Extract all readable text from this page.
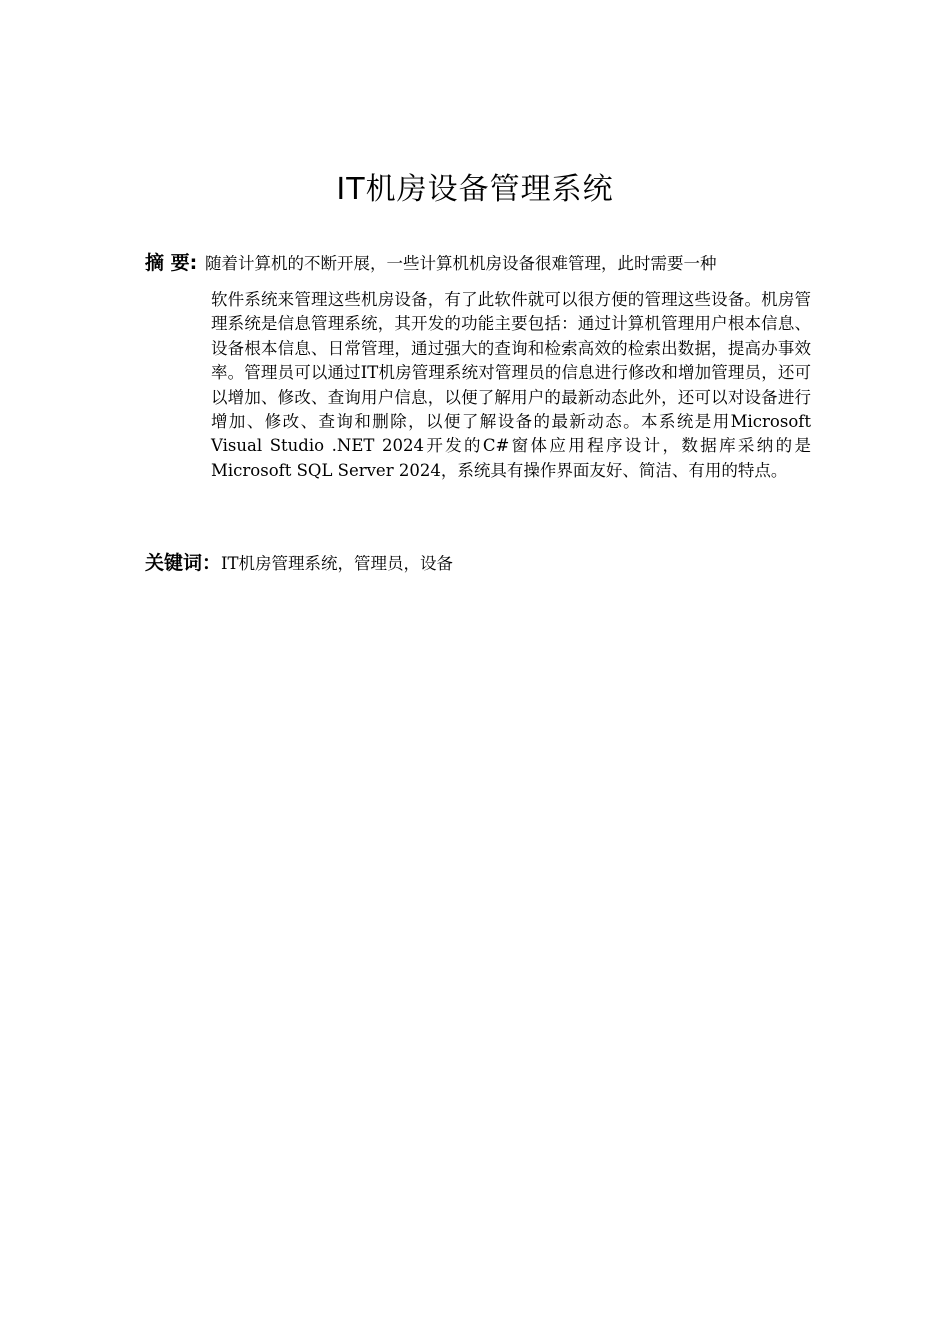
IT机房设备管理系统
摘 要: 随着计算机的不断开展，一些计算机机房设备很难管理，此时需要一种
软件系统来管理这些机房设备，有了此软件就可以很方便的管理这些设备。机房管理系统是信息管理系统，其开发的功能主要包括：通过计算机管理用户根本信息、设备根本信息、日常管理，通过强大的查询和检索高效的检索出数据，提高办事效率。管理员可以通过IT机房管理系统对管理员的信息进行修改和增加管理员，还可以增加、修改、查询用户信息，以便了解用户的最新动态此外，还可以对设备进行增加、修改、查询和删除，以便了解设备的最新动态。本系统是用Microsoft Visual Studio .NET 2024开发的C#窗体应用程序设计，数据库采纳的是Microsoft SQL Server 2024，系统具有操作界面友好、简洁、有用的特点。
关键词：IT机房管理系统，管理员，设备
